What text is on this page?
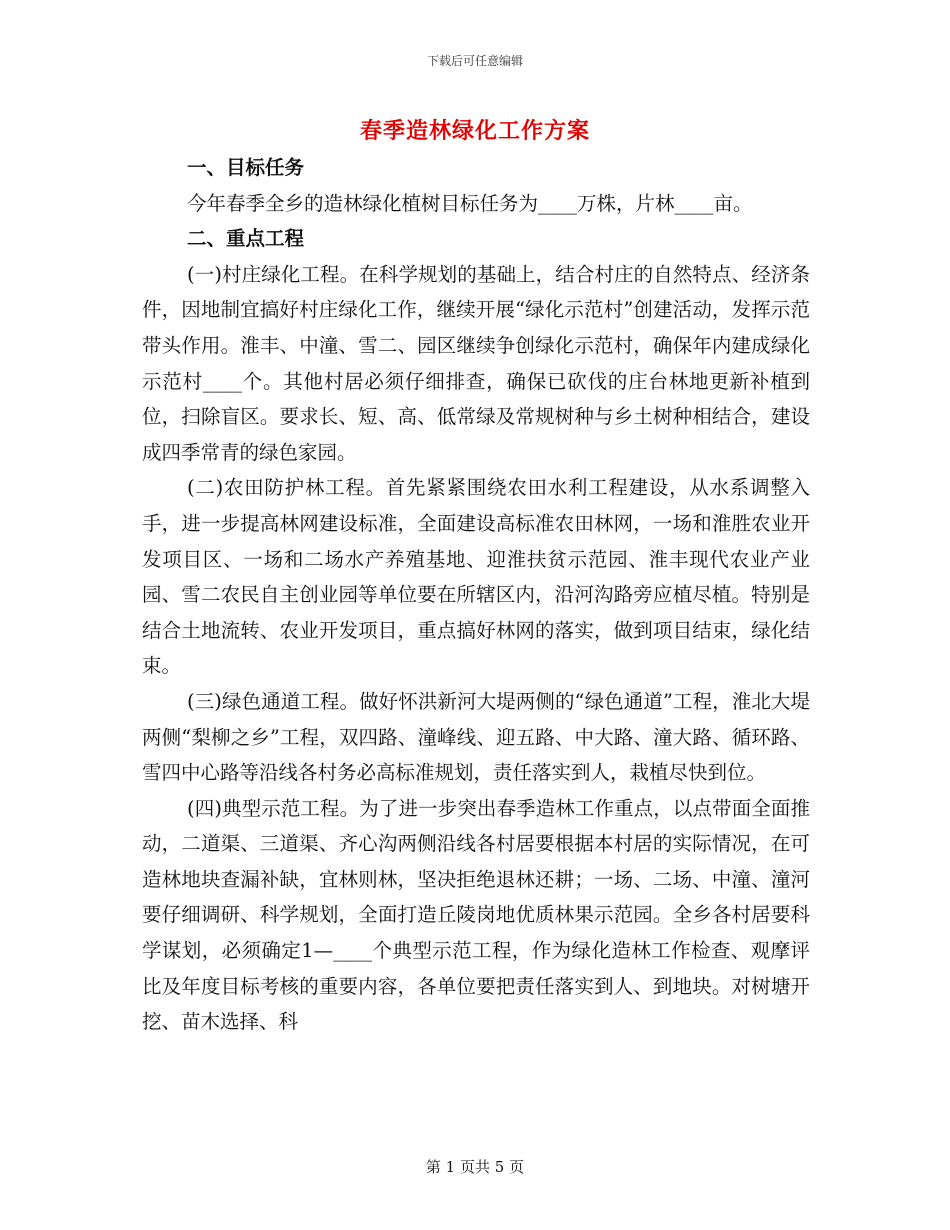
下载后可任意编辑
春季造林绿化工作方案
一、目标任务
今年春季全乡的造林绿化植树目标任务为____万株，片林____亩。
二、重点工程
(一)村庄绿化工程。在科学规划的基础上，结合村庄的自然特点、经济条件，因地制宜搞好村庄绿化工作，继续开展“绿化示范村”创建活动，发挥示范带头作用。淮丰、中潼、雪二、园区继续争创绿化示范村，确保年内建成绿化示范村____个。其他村居必须仔细排查，确保已砍伐的庄台林地更新补植到位，扫除盲区。要求长、短、高、低常绿及常规树种与乡土树种相结合，建设成四季常青的绿色家园。
(二)农田防护林工程。首先紧紧围绕农田水利工程建设，从水系调整入手，进一步提高林网建设标准，全面建设高标准农田林网，一场和淮胜农业开发项目区、一场和二场水产养殖基地、迎淮扶贫示范园、淮丰现代农业产业园、雪二农民自主创业园等单位要在所辖区内，沿河沟路旁应植尽植。特别是结合土地流转、农业开发项目，重点搞好林网的落实，做到项目结束，绿化结束。
(三)绿色通道工程。做好怀洪新河大堤两侧的“绿色通道”工程，淮北大堤两侧“梨柳之乡”工程，双四路、潼峰线、迎五路、中大路、潼大路、循环路、雪四中心路等沿线各村务必高标准规划，责任落实到人，栽植尽快到位。
(四)典型示范工程。为了进一步突出春季造林工作重点，以点带面全面推动，二道渠、三道渠、齐心沟两侧沿线各村居要根据本村居的实际情况，在可造林地块查漏补缺，宜林则林，坚决拒绝退林还耕；一场、二场、中潼、潼河要仔细调研、科学规划，全面打造丘陵岗地优质林果示范园。全乡各村居要科学谋划，必须确定1—____个典型示范工程，作为绿化造林工作检查、观摩评比及年度目标考核的重要内容，各单位要把责任落实到人、到地块。对树塘开挖、苗木选择、科
第 1 页共 5 页
